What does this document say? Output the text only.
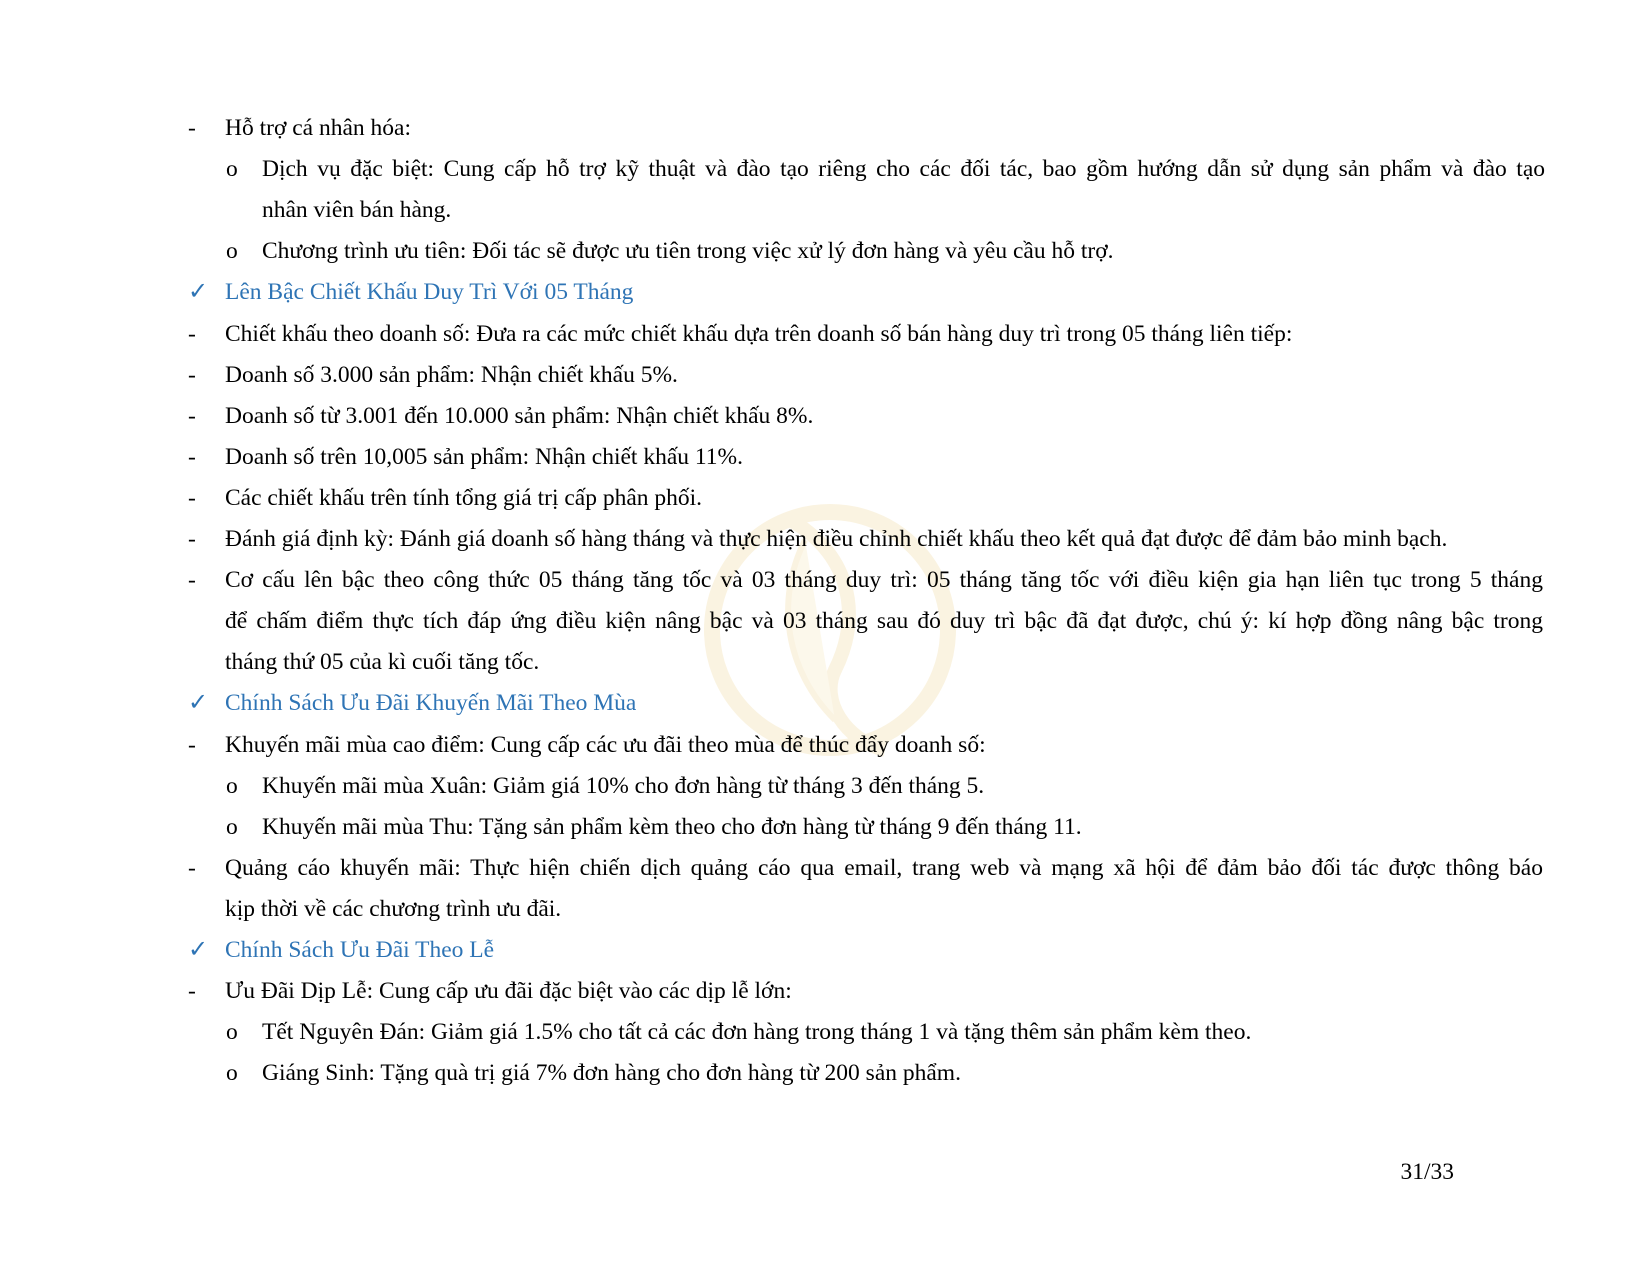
- Hỗ trợ cá nhân hóa:
o Dịch vụ đặc biệt: Cung cấp hỗ trợ kỹ thuật và đào tạo riêng cho các đối tác, bao gồm hướng dẫn sử dụng sản phẩm và đào tạo
nhân viên bán hàng.
o Chương trình ưu tiên: Đối tác sẽ được ưu tiên trong việc xử lý đơn hàng và yêu cầu hỗ trợ.
✓ Lên Bậc Chiết Khấu Duy Trì Với 05 Tháng
- Chiết khấu theo doanh số: Đưa ra các mức chiết khấu dựa trên doanh số bán hàng duy trì trong 05 tháng liên tiếp:
- Doanh số 3.000 sản phẩm: Nhận chiết khấu 5%.
- Doanh số từ 3.001 đến 10.000 sản phẩm: Nhận chiết khấu 8%.
- Doanh số trên 10,005 sản phẩm: Nhận chiết khấu 11%.
- Các chiết khấu trên tính tổng giá trị cấp phân phối.
- Đánh giá định kỳ: Đánh giá doanh số hàng tháng và thực hiện điều chỉnh chiết khấu theo kết quả đạt được để đảm bảo minh bạch.
- Cơ cấu lên bậc theo công thức 05 tháng tăng tốc và 03 tháng duy trì: 05 tháng tăng tốc với điều kiện gia hạn liên tục trong 5 tháng
để chấm điểm thực tích đáp ứng điều kiện nâng bậc và 03 tháng sau đó duy trì bậc đã đạt được, chú ý: kí hợp đồng nâng bậc trong
tháng thứ 05 của kì cuối tăng tốc.
✓ Chính Sách Ưu Đãi Khuyến Mãi Theo Mùa
- Khuyến mãi mùa cao điểm: Cung cấp các ưu đãi theo mùa để thúc đẩy doanh số:
o Khuyến mãi mùa Xuân: Giảm giá 10% cho đơn hàng từ tháng 3 đến tháng 5.
o Khuyến mãi mùa Thu: Tặng sản phẩm kèm theo cho đơn hàng từ tháng 9 đến tháng 11.
- Quảng cáo khuyến mãi: Thực hiện chiến dịch quảng cáo qua email, trang web và mạng xã hội để đảm bảo đối tác được thông báo
kịp thời về các chương trình ưu đãi.
✓ Chính Sách Ưu Đãi Theo Lễ
- Ưu Đãi Dịp Lễ: Cung cấp ưu đãi đặc biệt vào các dịp lễ lớn:
o Tết Nguyên Đán: Giảm giá 1.5% cho tất cả các đơn hàng trong tháng 1 và tặng thêm sản phẩm kèm theo.
o Giáng Sinh: Tặng quà trị giá 7% đơn hàng cho đơn hàng từ 200 sản phẩm.
31/33
